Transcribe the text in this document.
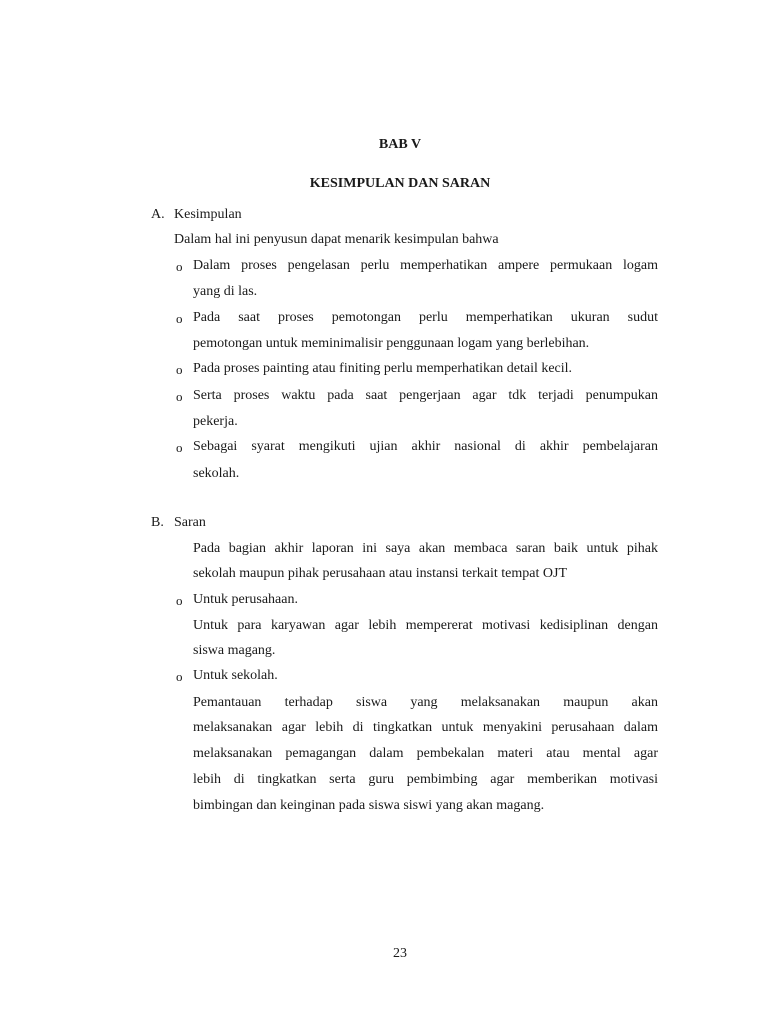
BAB V
KESIMPULAN DAN SARAN
A. Kesimpulan
Dalam hal ini penyusun dapat menarik kesimpulan bahwa
o Dalam proses pengelasan perlu memperhatikan ampere permukaan logam
yang di las.
o Pada saat proses pemotongan perlu memperhatikan ukuran sudut
pemotongan untuk meminimalisir penggunaan logam yang berlebihan.
o Pada proses painting atau finiting perlu memperhatikan detail kecil.
o Serta proses waktu pada saat pengerjaan agar tdk terjadi penumpukan
pekerja.
o Sebagai syarat mengikuti ujian akhir nasional di akhir pembelajaran
sekolah.
B. Saran
Pada bagian akhir laporan ini saya akan membaca saran baik untuk pihak
sekolah maupun pihak perusahaan atau instansi terkait tempat OJT
o Untuk perusahaan.
Untuk para karyawan agar lebih mempererat motivasi kedisiplinan dengan
siswa magang.
o Untuk sekolah.
Pemantauan terhadap siswa yang melaksanakan maupun akan
melaksanakan agar lebih di tingkatkan untuk menyakini perusahaan dalam
melaksanakan pemagangan dalam pembekalan materi atau mental agar
lebih di tingkatkan serta guru pembimbing agar memberikan motivasi
bimbingan dan keinginan pada siswa siswi yang akan magang.
23
